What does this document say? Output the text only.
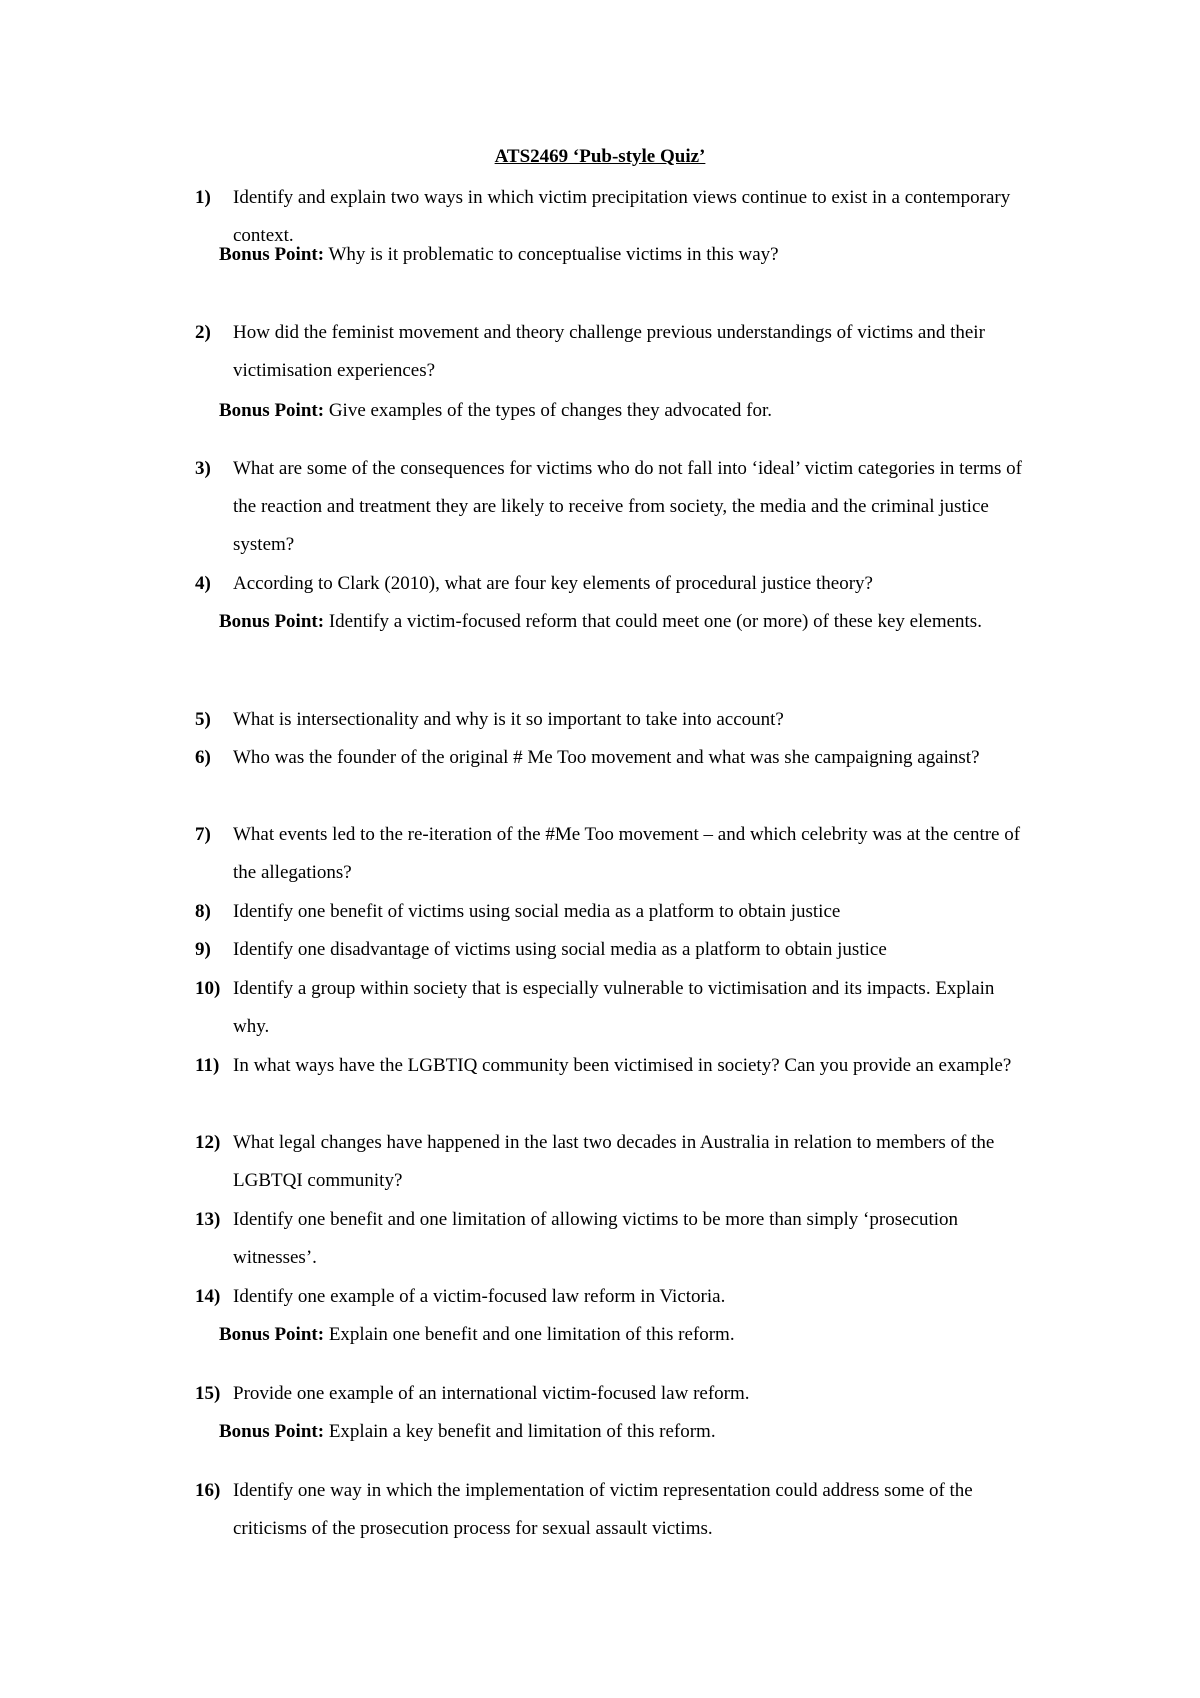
ATS2469 ‘Pub-style Quiz’
1) Identify and explain two ways in which victim precipitation views continue to exist in a contemporary context.
Bonus Point: Why is it problematic to conceptualise victims in this way?
2) How did the feminist movement and theory challenge previous understandings of victims and their victimisation experiences?
Bonus Point: Give examples of the types of changes they advocated for.
3) What are some of the consequences for victims who do not fall into ‘ideal’ victim categories in terms of the reaction and treatment they are likely to receive from society, the media and the criminal justice system?
4) According to Clark (2010), what are four key elements of procedural justice theory?
Bonus Point: Identify a victim-focused reform that could meet one (or more) of these key elements.
5) What is intersectionality and why is it so important to take into account?
6) Who was the founder of the original # Me Too movement and what was she campaigning against?
7) What events led to the re-iteration of the #Me Too movement – and which celebrity was at the centre of the allegations?
8) Identify one benefit of victims using social media as a platform to obtain justice
9) Identify one disadvantage of victims using social media as a platform to obtain justice
10) Identify a group within society that is especially vulnerable to victimisation and its impacts. Explain why.
11) In what ways have the LGBTIQ community been victimised in society? Can you provide an example?
12) What legal changes have happened in the last two decades in Australia in relation to members of the LGBTQI community?
13) Identify one benefit and one limitation of allowing victims to be more than simply ‘prosecution witnesses’.
14) Identify one example of a victim-focused law reform in Victoria.
Bonus Point: Explain one benefit and one limitation of this reform.
15) Provide one example of an international victim-focused law reform.
Bonus Point: Explain a key benefit and limitation of this reform.
16) Identify one way in which the implementation of victim representation could address some of the criticisms of the prosecution process for sexual assault victims.
